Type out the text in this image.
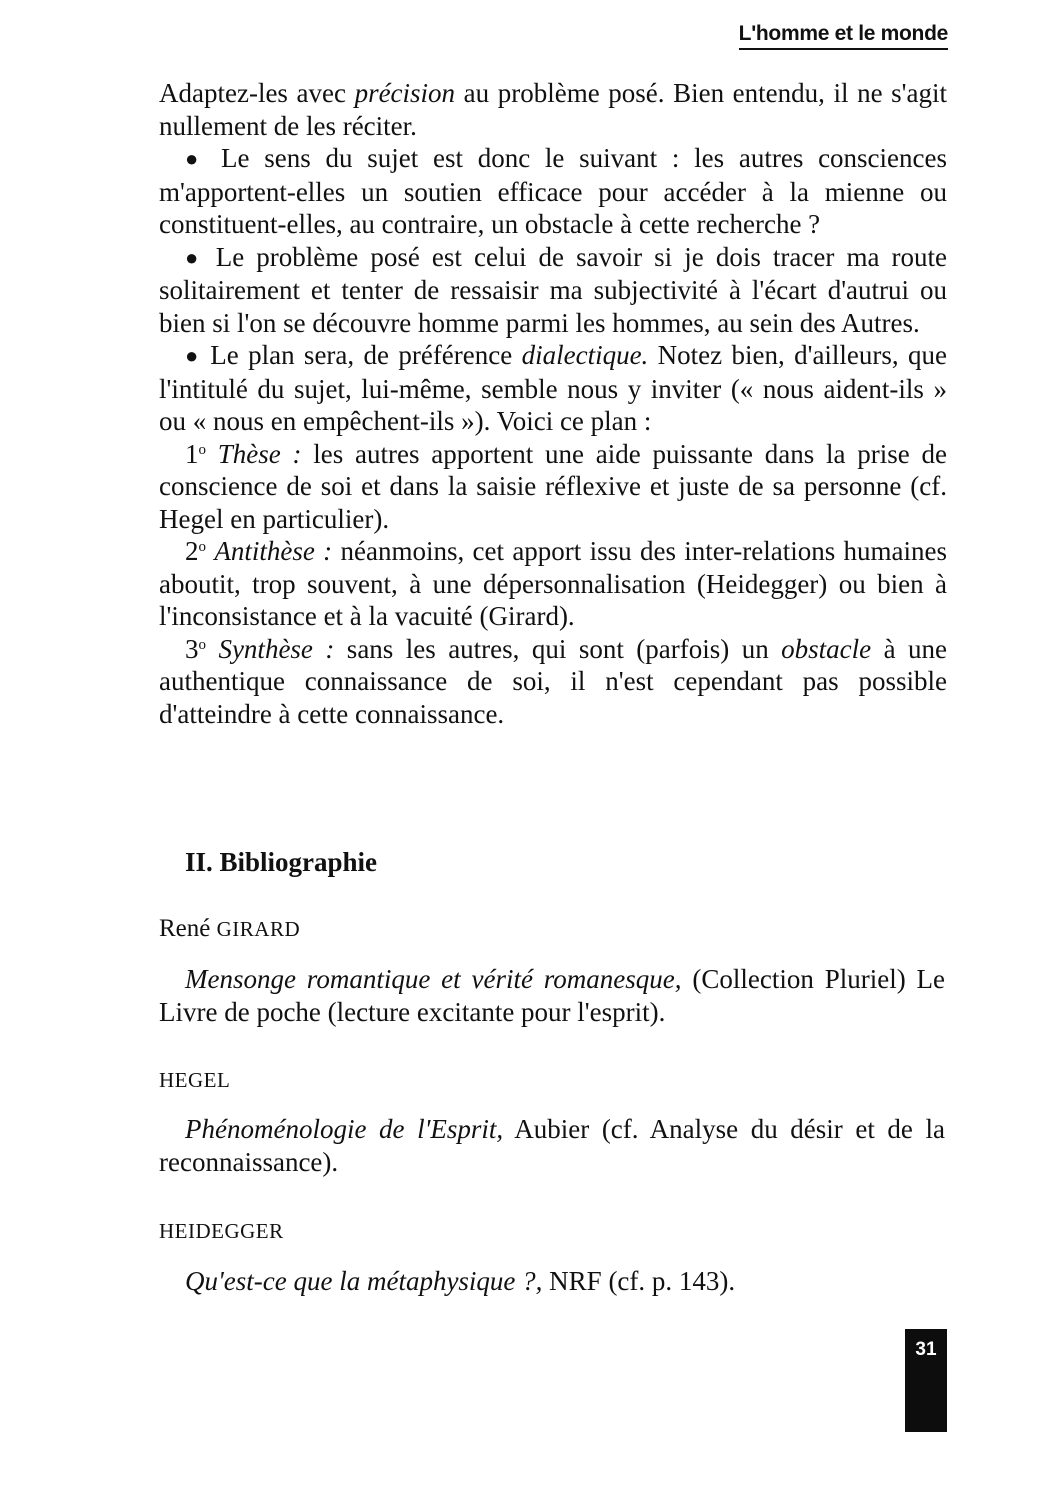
L'homme et le monde

Adaptez-les avec précision au problème posé. Bien entendu, il ne s'agit nullement de les réciter.

● Le sens du sujet est donc le suivant : les autres consciences m'apportent-elles un soutien efficace pour accéder à la mienne ou constituent-elles, au contraire, un obstacle à cette recherche ?

● Le problème posé est celui de savoir si je dois tracer ma route solitairement et tenter de ressaisir ma subjectivité à l'écart d'autrui ou bien si l'on se découvre homme parmi les hommes, au sein des Autres.

● Le plan sera, de préférence dialectique. Notez bien, d'ailleurs, que l'intitulé du sujet, lui-même, semble nous y inviter (« nous aident-ils » ou « nous en empêchent-ils »). Voici ce plan :

1$^o$ Thèse : les autres apportent une aide puissante dans la prise de conscience de soi et dans la saisie réflexive et juste de sa personne (cf. Hegel en particulier).

2$^o$ Antithèse : néanmoins, cet apport issu des inter-relations humaines aboutit, trop souvent, à une dépersonnalisation (Heidegger) ou bien à l'inconsistance et à la vacuité (Girard).

3$^o$ Synthèse : sans les autres, qui sont (parfois) un obstacle à une authentique connaissance de soi, il n'est cependant pas possible d'atteindre à cette connaissance.

II. Bibliographie
René GIRARD
Mensonge romantique et vérité romanesque, (Collection Pluriel) Le Livre de poche (lecture excitante pour l'esprit).
HEGEL
Phénoménologie de l'Esprit, Aubier (cf. Analyse du désir et de la reconnaissance).
HEIDEGGER
Qu'est-ce que la métaphysique ?, NRF (cf. p. 143).
31
